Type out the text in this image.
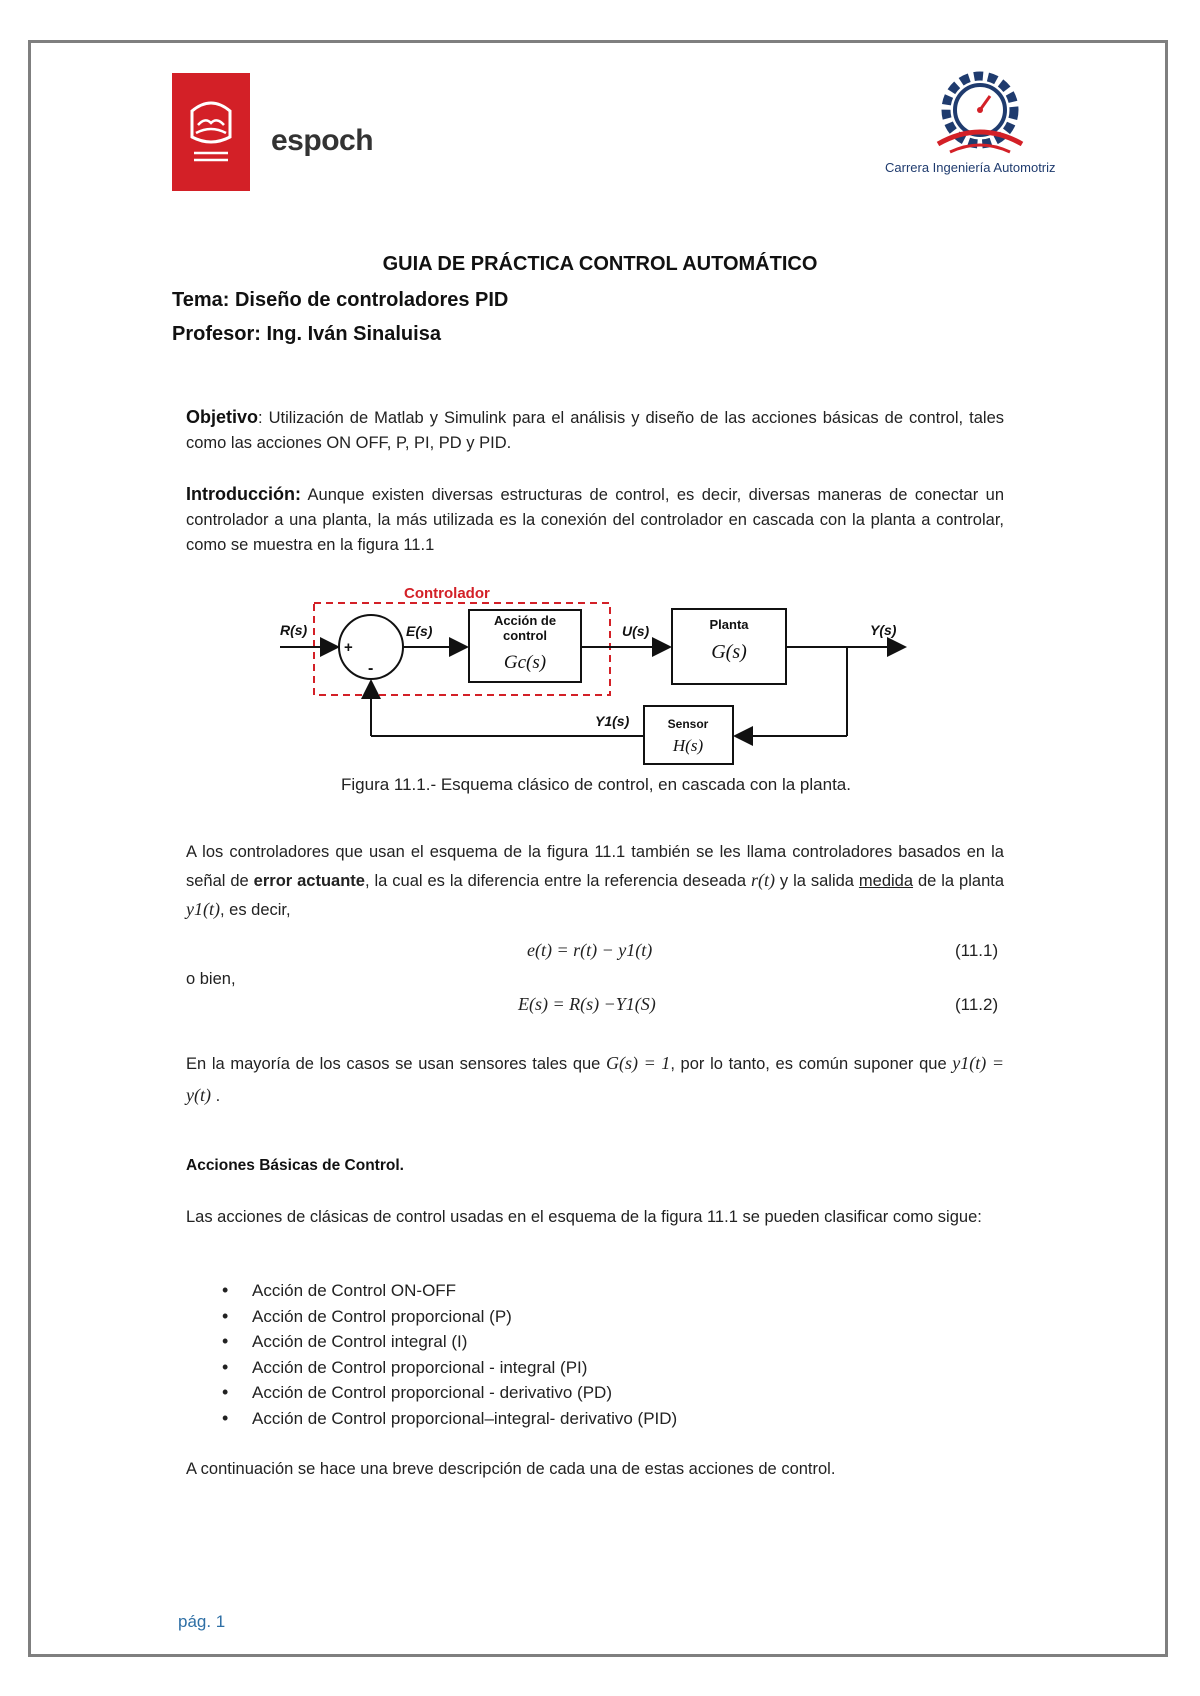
espoch
Carrera Ingeniería Automotriz
GUIA DE PRÁCTICA CONTROL AUTOMÁTICO
Tema: Diseño de controladores PID
Profesor: Ing. Iván Sinaluisa
Objetivo: Utilización de Matlab y Simulink para el análisis y diseño de las acciones básicas de control, tales como las acciones ON OFF, P, PI, PD y PID.
Introducción: Aunque existen diversas estructuras de control, es decir, diversas maneras de conectar un controlador a una planta, la más utilizada es la conexión del controlador en cascada con la planta a controlar, como se muestra en la figura 11.1
Controlador
R(s)
+
-
E(s)
Acción de
control
Gc(s)
U(s)	Planta
G(s)
Y(s)
Sensor
H(s)
Y1(s)
Figura 11.1.- Esquema clásico de control, en cascada con la planta.
A los controladores que usan el esquema de la figura 11.1 también se les llama controladores basados en la señal de error actuante, la cual es la diferencia entre la referencia deseada r(t) y la salida medida de la planta y1(t), es decir,
e(t) = r(t) − y1(t)	(11.1)
o bien,
E(s) = R(s) −Y1(S)	(11.2)
En la mayoría de los casos se usan sensores tales que G(s) = 1, por lo tanto, es común suponer que y1(t) = y(t) .
Acciones Básicas de Control.
Las acciones de clásicas de control usadas en el esquema de la figura 11.1 se pueden clasificar como sigue:
• Acción de Control ON-OFF
• Acción de Control proporcional (P)
• Acción de Control integral (I)
• Acción de Control proporcional - integral (PI)
• Acción de Control proporcional - derivativo (PD)
• Acción de Control proporcional–integral- derivativo (PID)
A continuación se hace una breve descripción de cada una de estas acciones de control.
pág. 1
